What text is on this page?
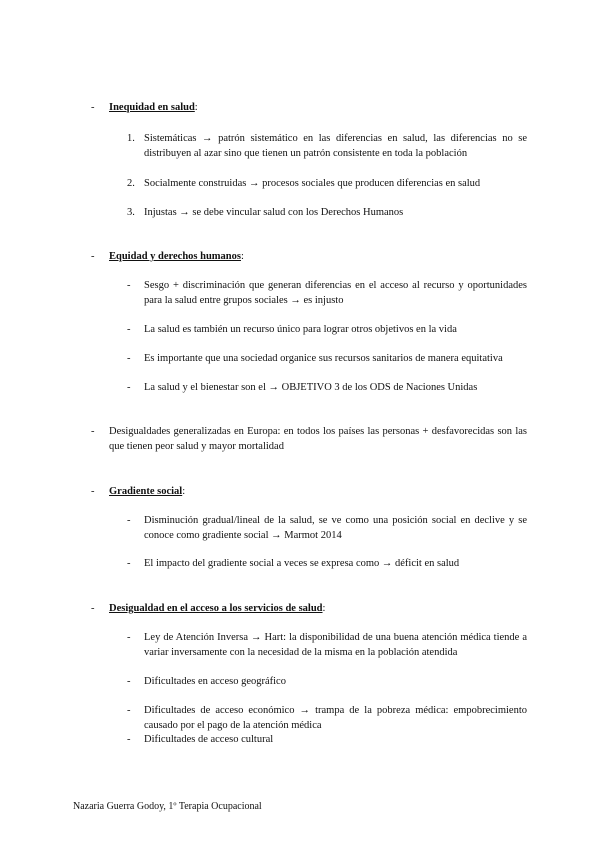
- Inequidad en salud:
1. Sistemáticas → patrón sistemático en las diferencias en salud, las diferencias no se distribuyen al azar sino que tienen un patrón consistente en toda la población
2. Socialmente construidas → procesos sociales que producen diferencias en salud
3. Injustas → se debe vincular salud con los Derechos Humanos
- Equidad y derechos humanos:
- Sesgo + discriminación que generan diferencias en el acceso al recurso y oportunidades para la salud entre grupos sociales → es injusto
- La salud es también un recurso único para lograr otros objetivos en la vida
- Es importante que una sociedad organice sus recursos sanitarios de manera equitativa
- La salud y el bienestar son el → OBJETIVO 3 de los ODS de Naciones Unidas
- Desigualdades generalizadas en Europa: en todos los países las personas + desfavorecidas son las que tienen peor salud y mayor mortalidad
- Gradiente social:
- Disminución gradual/lineal de la salud, se ve como una posición social en declive y se conoce como gradiente social → Marmot 2014
- El impacto del gradiente social a veces se expresa como → déficit en salud
- Desigualdad en el acceso a los servicios de salud:
- Ley de Atención Inversa → Hart: la disponibilidad de una buena atención médica tiende a variar inversamente con la necesidad de la misma en la población atendida
- Dificultades en acceso geográfico
- Dificultades de acceso económico → trampa de la pobreza médica: empobrecimiento causado por el pago de la atención médica
- Dificultades de acceso cultural
Nazaria Guerra Godoy, 1º Terapia Ocupacional
